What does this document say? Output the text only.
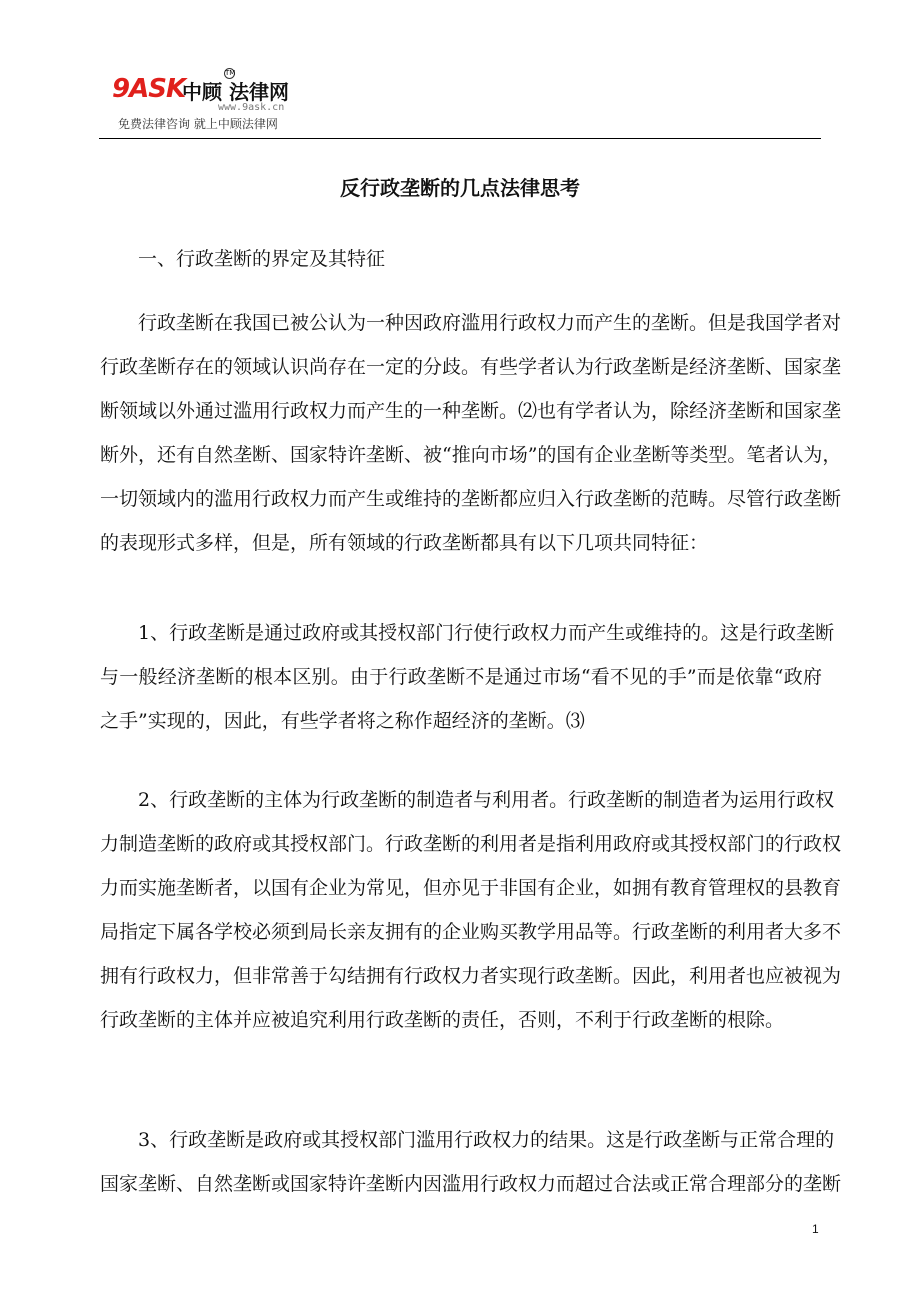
9ASK
中顾 法律网
TM
www.9ask.cn
免费法律咨询 就上中顾法律网
反行政垄断的几点法律思考
一、行政垄断的界定及其特征
行政垄断在我国已被公认为一种因政府滥用行政权力而产生的垄断。但是我国学者对
行政垄断存在的领域认识尚存在一定的分歧。有些学者认为行政垄断是经济垄断、国家垄
断领域以外通过滥用行政权力而产生的一种垄断。⑵也有学者认为，除经济垄断和国家垄
断外，还有自然垄断、国家特许垄断、被“推向市场”的国有企业垄断等类型。笔者认为，
一切领域内的滥用行政权力而产生或维持的垄断都应归入行政垄断的范畴。尽管行政垄断
的表现形式多样，但是，所有领域的行政垄断都具有以下几项共同特征：
1、行政垄断是通过政府或其授权部门行使行政权力而产生或维持的。这是行政垄断
与一般经济垄断的根本区别。由于行政垄断不是通过市场“看不见的手”而是依靠“政府
之手”实现的，因此，有些学者将之称作超经济的垄断。⑶
2、行政垄断的主体为行政垄断的制造者与利用者。行政垄断的制造者为运用行政权
力制造垄断的政府或其授权部门。行政垄断的利用者是指利用政府或其授权部门的行政权
力而实施垄断者，以国有企业为常见，但亦见于非国有企业，如拥有教育管理权的县教育
局指定下属各学校必须到局长亲友拥有的企业购买教学用品等。行政垄断的利用者大多不
拥有行政权力，但非常善于勾结拥有行政权力者实现行政垄断。因此，利用者也应被视为
行政垄断的主体并应被追究利用行政垄断的责任，否则，不利于行政垄断的根除。
3、行政垄断是政府或其授权部门滥用行政权力的结果。这是行政垄断与正常合理的
国家垄断、自然垄断或国家特许垄断内因滥用行政权力而超过合法或正常合理部分的垄断
1
